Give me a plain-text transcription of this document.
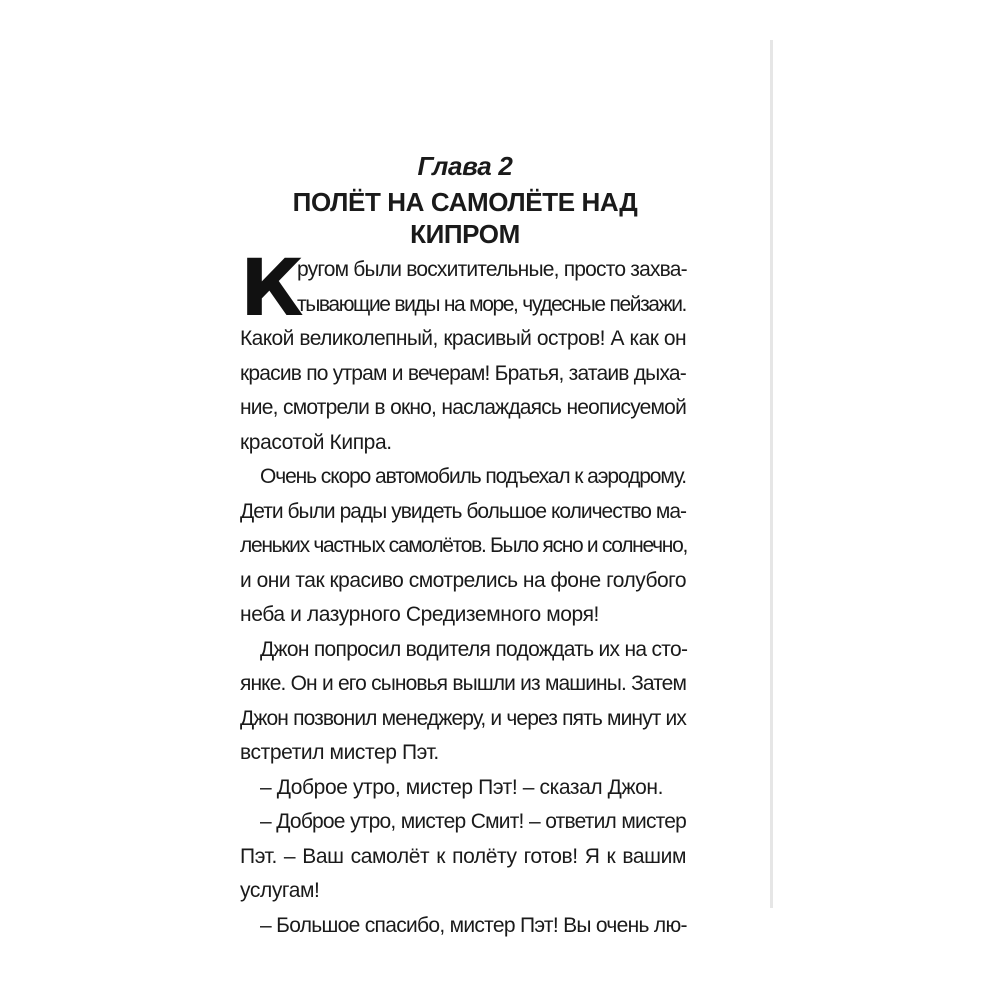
Глава 2
ПОЛЁТ НА САМОЛЁТЕ НАД КИПРОМ
К
ругом были восхитительные, просто захва-
тывающие виды на море, чудесные пейзажи.
Какой великолепный, красивый остров! А как он
красив по утрам и вечерам! Братья, затаив дыха-
ние, смотрели в окно, наслаждаясь неописуемой
красотой Кипра.
Очень скоро автомобиль подъехал к аэродрому.
Дети были рады увидеть большое количество ма-
леньких частных самолётов. Было ясно и солнечно,
и они так красиво смотрелись на фоне голубого
неба и лазурного Средиземного моря!
Джон попросил водителя подождать их на сто-
янке. Он и его сыновья вышли из машины. Затем
Джон позвонил менеджеру, и через пять минут их
встретил мистер Пэт.
– Доброе утро, мистер Пэт! – сказал Джон.
– Доброе утро, мистер Смит! – ответил мистер
Пэт. – Ваш самолёт к полёту готов! Я к вашим
услугам!
– Большое спасибо, мистер Пэт! Вы очень лю-
